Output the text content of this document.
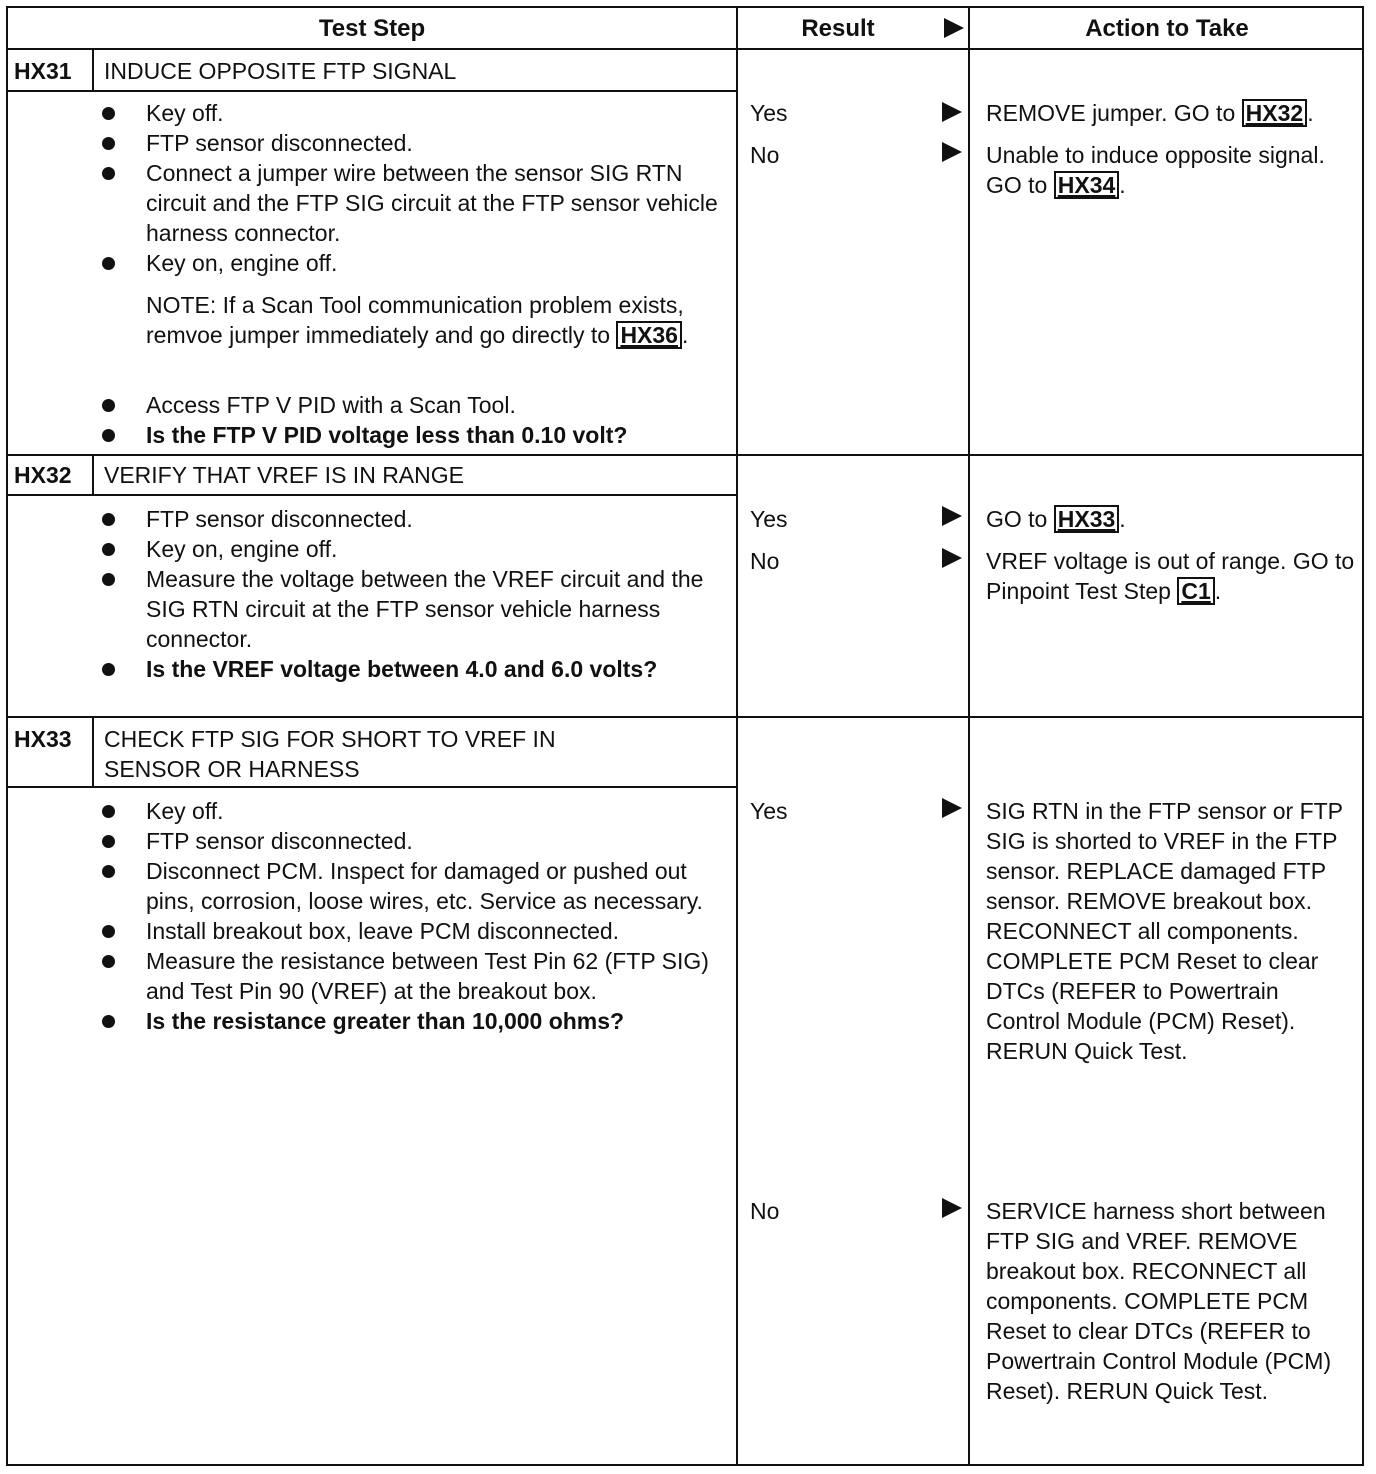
Test Step	Result	Action to Take
HX31 INDUCE OPPOSITE FTP SIGNAL
Key off.
FTP sensor disconnected.
Connect a jumper wire between the sensor SIG RTN circuit and the FTP SIG circuit at the FTP sensor vehicle harness connector.
Key on, engine off.
NOTE: If a Scan Tool communication problem exists, remvoe jumper immediately and go directly to HX36 .
Access FTP V PID with a Scan Tool.
Is the FTP V PID voltage less than 0.10 volt?
Yes	REMOVE jumper. GO to HX32 .
No	Unable to induce opposite signal. GO to HX34 .
HX32 VERIFY THAT VREF IS IN RANGE
FTP sensor disconnected.
Key on, engine off.
Measure the voltage between the VREF circuit and the SIG RTN circuit at the FTP sensor vehicle harness connector.
Is the VREF voltage between 4.0 and 6.0 volts?
Yes	GO to HX33 .
No	VREF voltage is out of range. GO to Pinpoint Test Step C1 .
HX33 CHECK FTP SIG FOR SHORT TO VREF IN SENSOR OR HARNESS
Key off.
FTP sensor disconnected.
Disconnect PCM. Inspect for damaged or pushed out pins, corrosion, loose wires, etc. Service as necessary.
Install breakout box, leave PCM disconnected.
Measure the resistance between Test Pin 62 (FTP SIG) and Test Pin 90 (VREF) at the breakout box.
Is the resistance greater than 10,000 ohms?
Yes	SIG RTN in the FTP sensor or FTP SIG is shorted to VREF in the FTP sensor. REPLACE damaged FTP sensor. REMOVE breakout box. RECONNECT all components. COMPLETE PCM Reset to clear DTCs (REFER to Powertrain Control Module (PCM) Reset). RERUN Quick Test.
No	SERVICE harness short between FTP SIG and VREF. REMOVE breakout box. RECONNECT all components. COMPLETE PCM Reset to clear DTCs (REFER to Powertrain Control Module (PCM) Reset). RERUN Quick Test.
